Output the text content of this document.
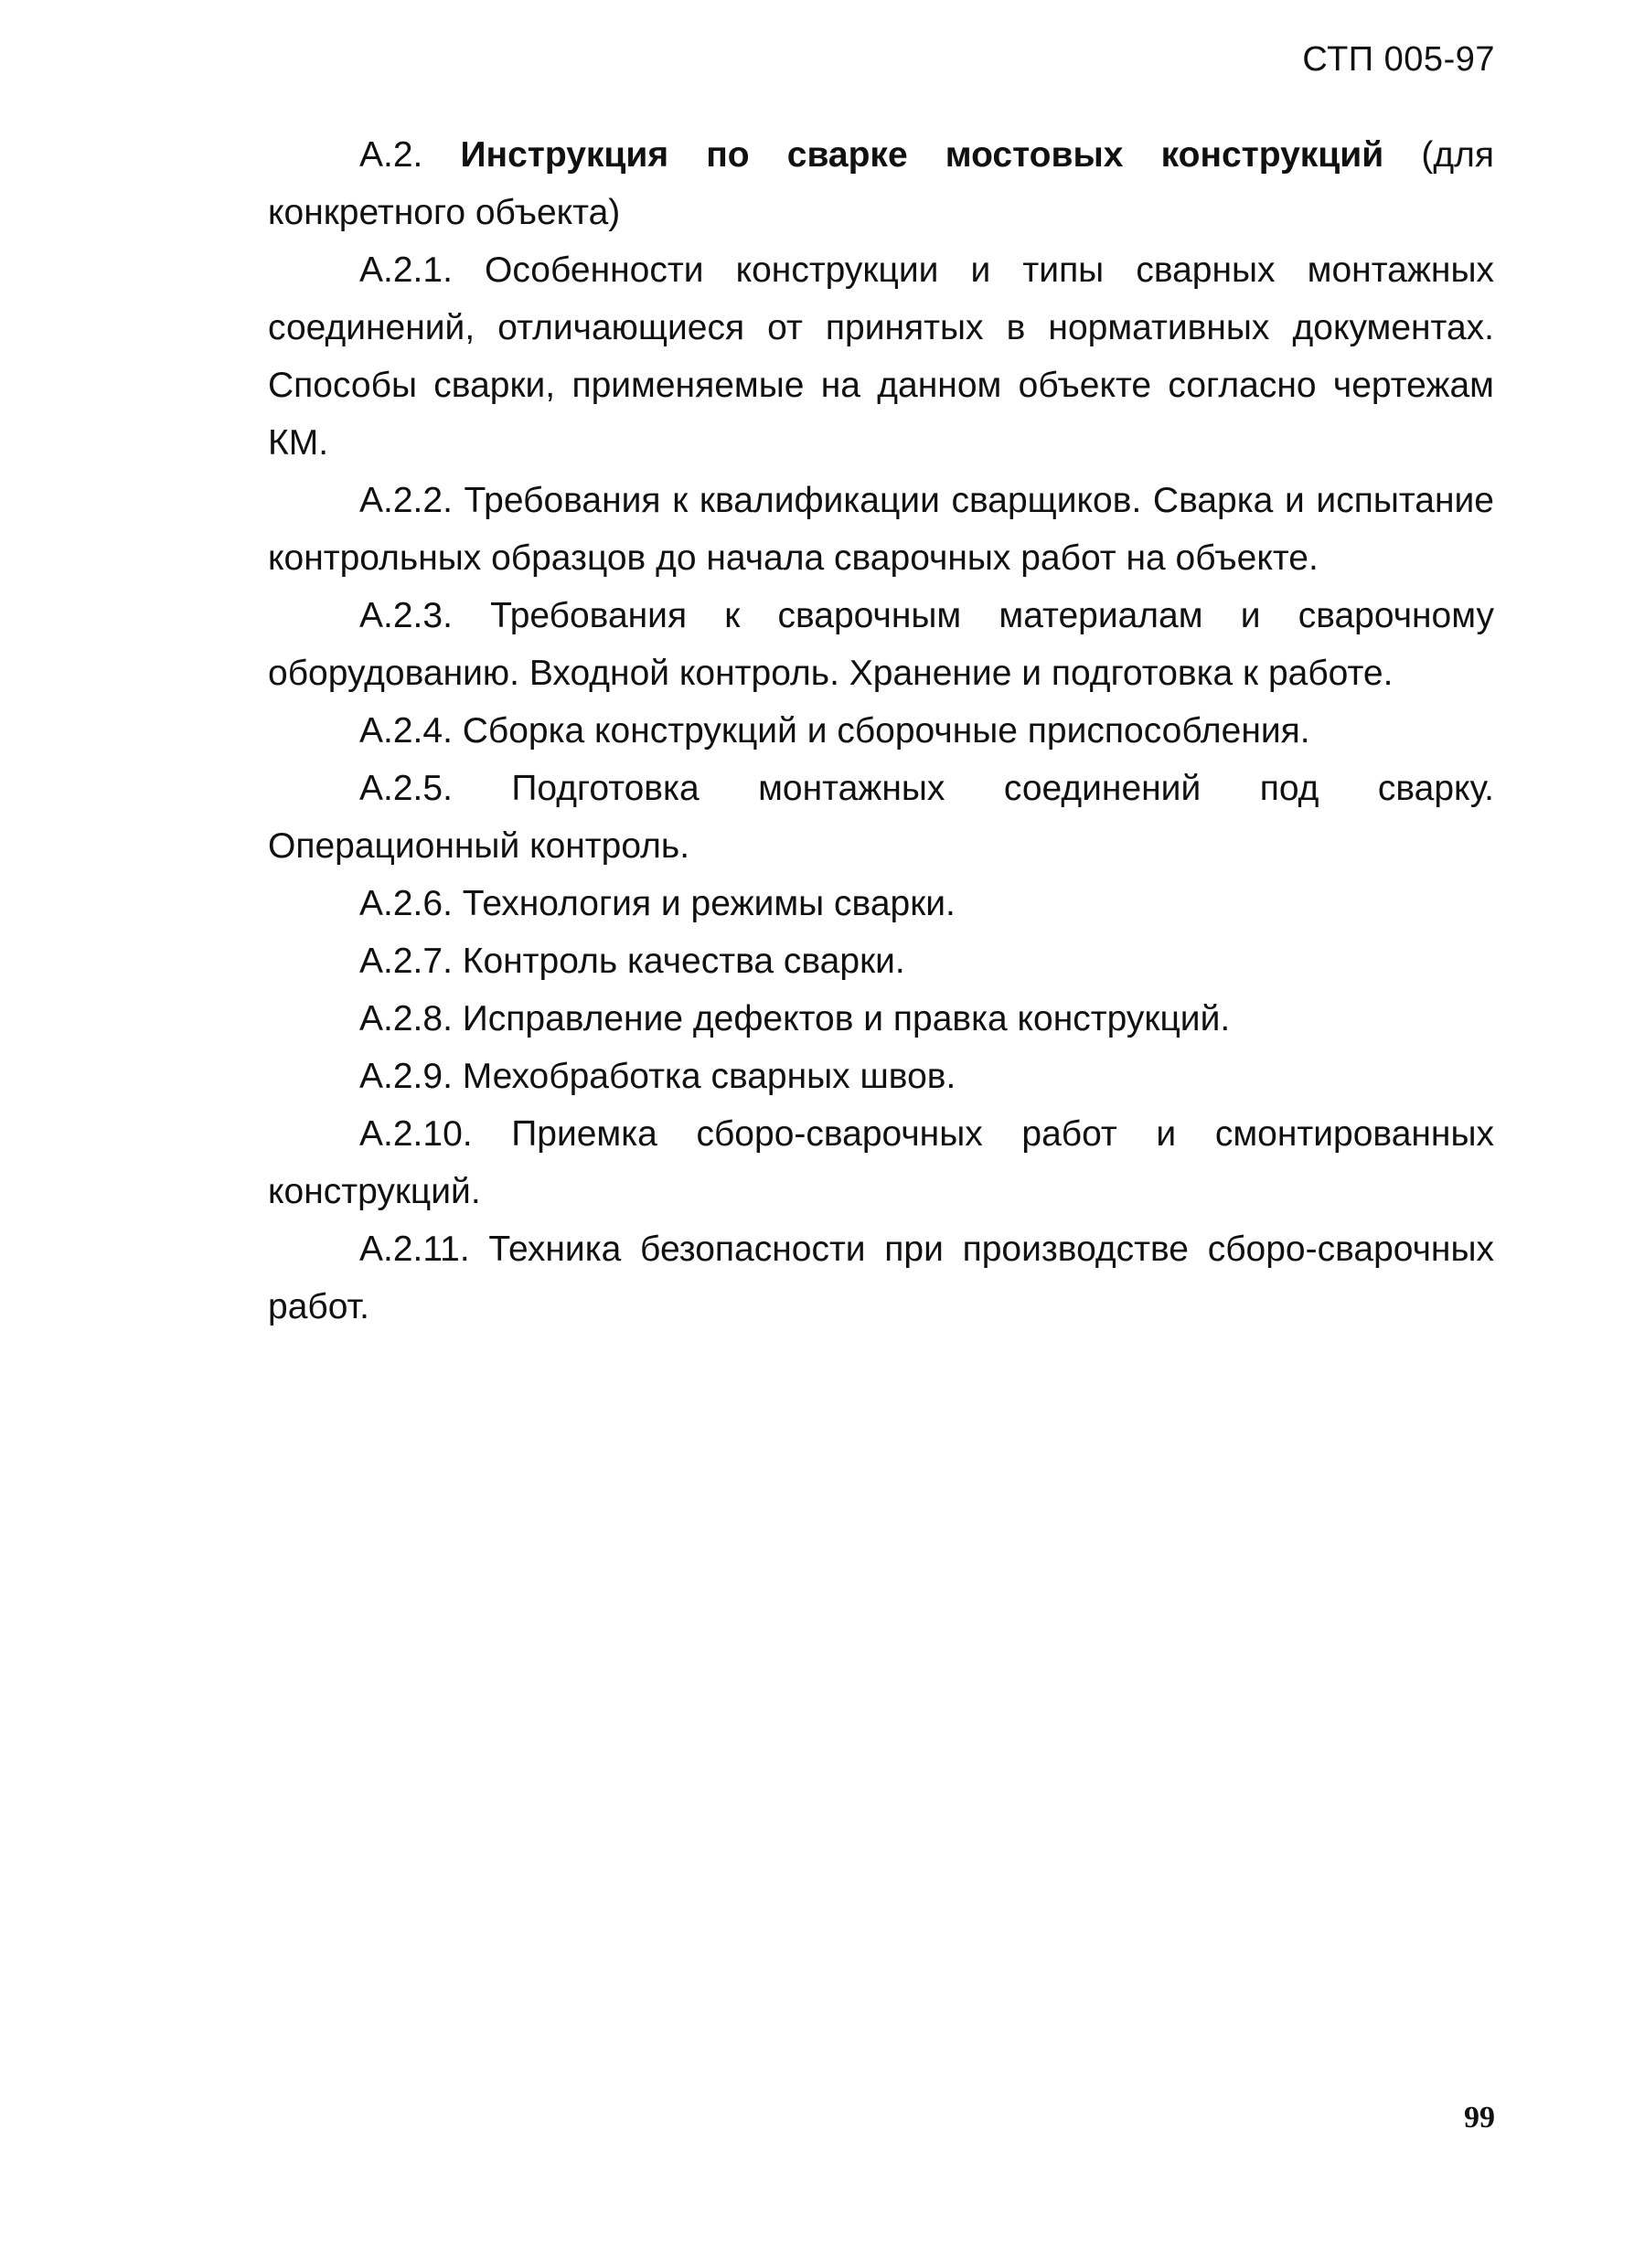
СТП 005-97

А.2. Инструкция по сварке мостовых конструкций (для конкретного объекта)

А.2.1. Особенности конструкции и типы сварных монтажных соединений, отличающиеся от принятых в нормативных документах. Способы сварки, применяемые на данном объекте согласно чертежам КМ.

А.2.2. Требования к квалификации сварщиков. Сварка и испытание контрольных образцов до начала сварочных работ на объекте.

А.2.3. Требования к сварочным материалам и сварочному оборудованию. Входной контроль. Хранение и подготовка к работе.

А.2.4. Сборка конструкций и сборочные приспособления.

А.2.5. Подготовка монтажных соединений под сварку. Операционный контроль.

А.2.6. Технология и режимы сварки.

А.2.7. Контроль качества сварки.

А.2.8. Исправление дефектов и правка конструкций.

А.2.9. Мехобработка сварных швов.

А.2.10. Приемка сборо-сварочных работ и смонтированных конструкций.

А.2.11. Техника безопасности при производстве сборо-сварочных работ.

99
